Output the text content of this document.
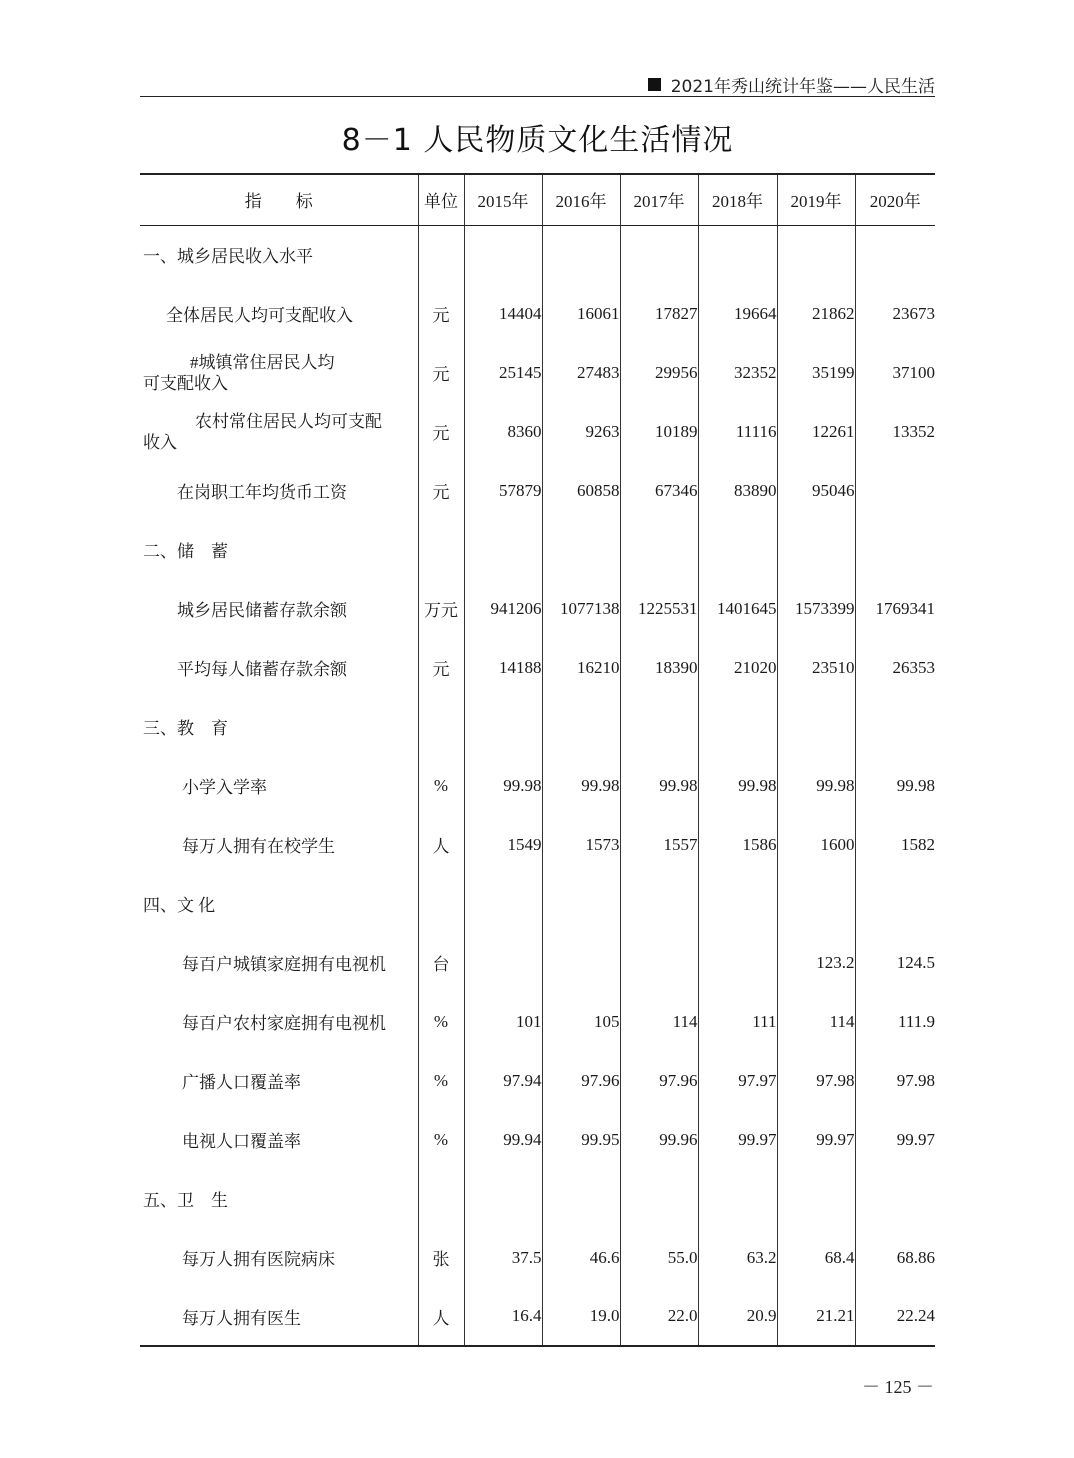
2021年秀山统计年鉴——人民生活
8－1 人民物质文化生活情况
指　　标	单位	2015年	2016年	2017年	2018年	2019年	2020年
一、城乡居民收入水平							
全体居民人均可支配收入	元	14404	16061	17827	19664	21862	23673

#城镇常住居民人均
可支配收入	元	25145	27483	29956	32352	35199	37100

农村常住居民人均可支配
收入	元	8360	9263	10189	11116	12261	13352
在岗职工年均货币工资	元	57879	60858	67346	83890	95046	
二、储　蓄							
城乡居民储蓄存款余额	万元	941206	1077138	1225531	1401645	1573399	1769341
平均每人储蓄存款余额	元	14188	16210	18390	21020	23510	26353
三、教　育							
小学入学率	%	99.98	99.98	99.98	99.98	99.98	99.98
每万人拥有在校学生	人	1549	1573	1557	1586	1600	1582
四、文 化							
每百户城镇家庭拥有电视机	台					123.2	124.5
每百户农村家庭拥有电视机	%	101	105	114	111	114	111.9
广播人口覆盖率	%	97.94	97.96	97.96	97.97	97.98	97.98
电视人口覆盖率	%	99.94	99.95	99.96	99.97	99.97	99.97
五、卫　生							
每万人拥有医院病床	张	37.5	46.6	55.0	63.2	68.4	68.86
每万人拥有医生	人	16.4	19.0	22.0	20.9	21.21	22.24
－ 125 －
